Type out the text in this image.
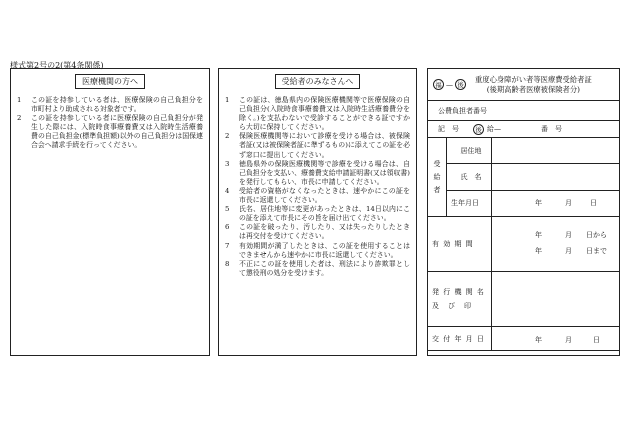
様式第2号の2(第4条関係)
医療機関の方へ
1	この証を持参している者は、医療保険の自己負担分を市町村より助成される対象者です。
2	この証を持参している者に医療保険の自己負担分が発生した際には、入院時食事療養費又は入院時生活療養費の自己負担金(標準負担額)以外の自己負担分は国保連合会へ請求手続を行ってください。
受給者のみなさんへ
1	この証は、徳島県内の保険医療機関等で医療保険の自己負担分(入院時食事療養費又は入院時生活療養費分を除く。)を支払わないで受診することができる証ですから大切に保持してください。
2	保険医療機関等において診療を受ける場合は、被保険者証(又は被保険者証に準ずるもの)に添えてこの証を必ず窓口に提出してください。
3	徳島県外の保険医療機関等で診療を受ける場合は、自己負担分を支払い、療養費支給申請証明書(又は領収書)を発行してもらい、市長に申請してください。
4	受給者の資格がなくなったときは、速やかにこの証を市長に返還してください。
5	氏名、居住地等に変更があったときは、14日以内にこの証を添えて市長にその旨を届け出てください。
6	この証を破ったり、汚したり、又は失ったりしたときは再交付を受けてください。
7	有効期間が満了したときは、この証を使用することはできませんから速やかに市長に返還してください。
8	不正にこの証を使用した者は、刑法により詐欺罪として懲役刑の処分を受けます。
福 — 後
重度心身障がい者等医療費受給者証
(後期高齢者医療被保険者分)
公費負担者番号
記　号	後 給—	番　号
受
給
者
居住地
氏　名
生年月日	年	月	日
有 効 期 間
年	月 日から
年	月 日まで
発 行 機 関 名
及　び　印
交 付 年 月 日	年	月	日
